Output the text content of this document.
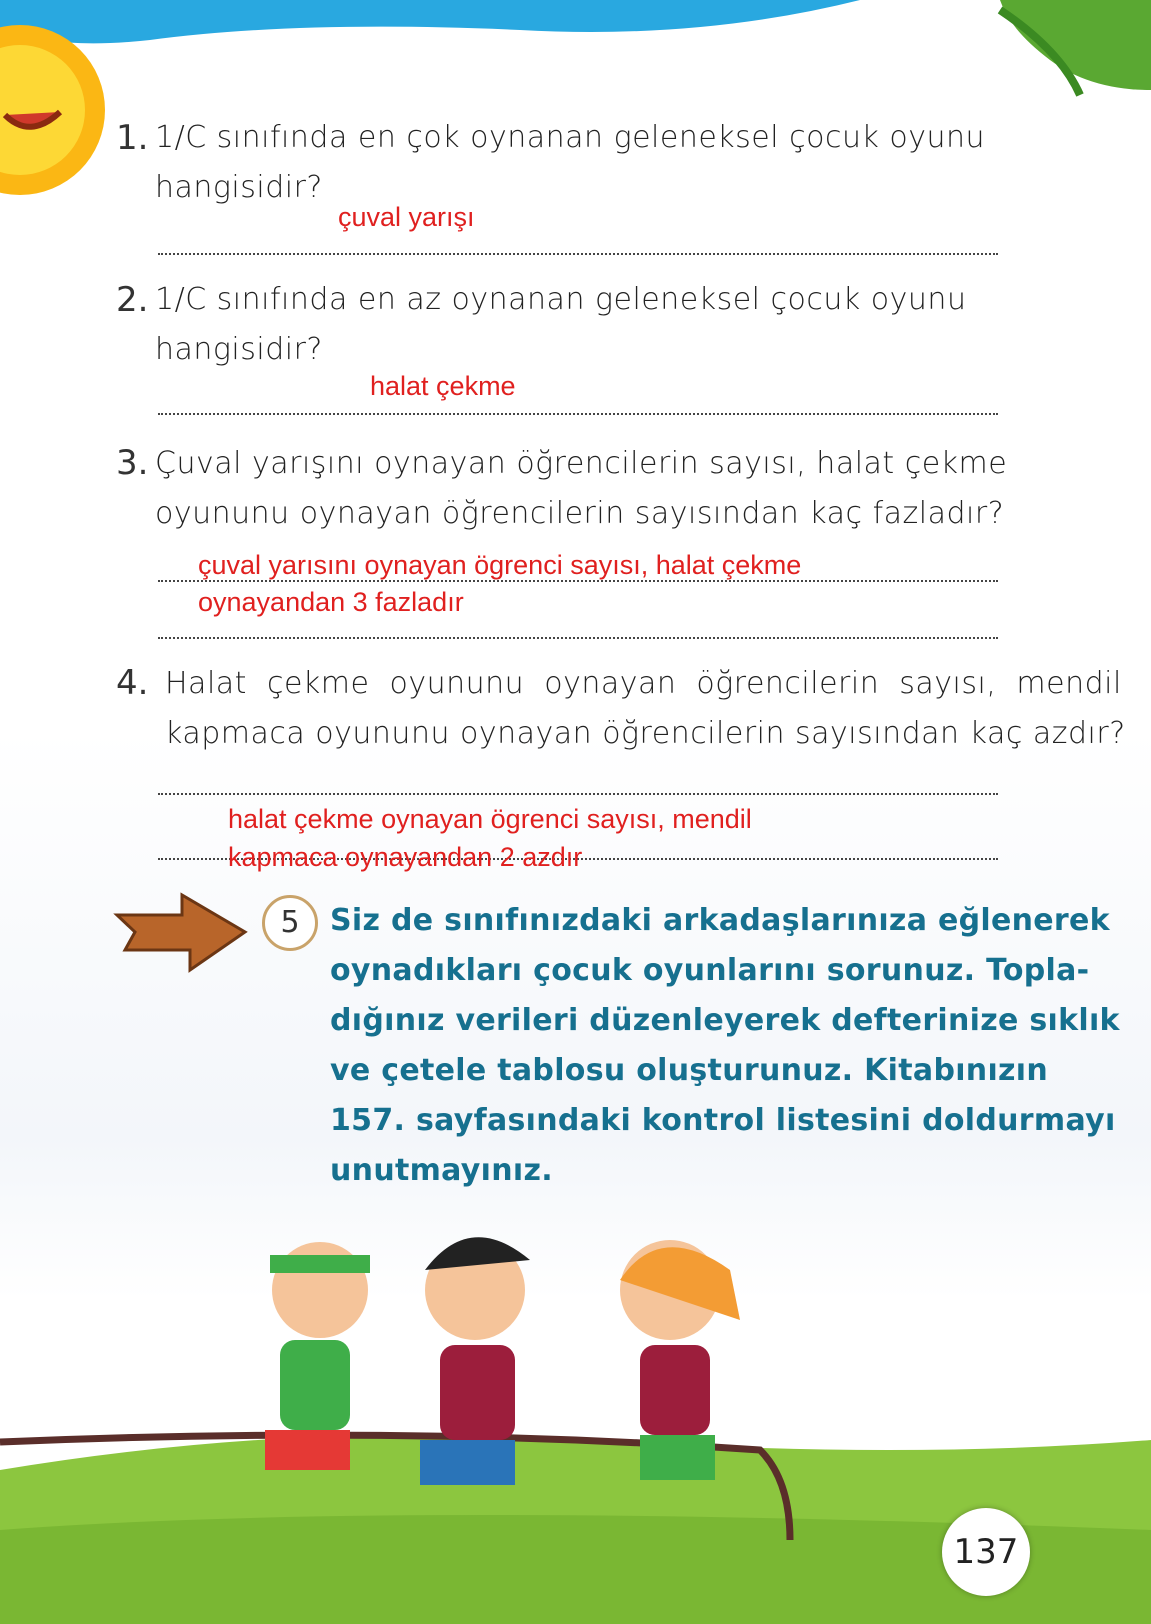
1. 1/C sınıfında en çok oynanan geleneksel çocuk oyunu
hangisidir?
çuval yarışı
2. 1/C sınıfında en az oynanan geleneksel çocuk oyunu
hangisidir?
halat çekme
3. Çuval yarışını oynayan öğrencilerin sayısı, halat çekme
oyununu oynayan öğrencilerin sayısından kaç fazladır?
çuval yarısını oynayan ögrenci sayısı, halat çekme
oynayandan 3 fazladır
4. Halat çekme oyununu oynayan öğrencilerin sayısı, mendil
kapmaca oyununu oynayan öğrencilerin sayısından kaç azdır?
halat çekme oynayan ögrenci sayısı, mendil
kapmaca oynayandan 2 azdır
5	Siz de sınıfınızdaki arkadaşlarınıza eğlenerek
oynadıkları çocuk oyunlarını sorunuz. Topla-
dığınız verileri düzenleyerek defterinize sıklık
ve çetele tablosu oluşturunuz. Kitabınızın
157. sayfasındaki kontrol listesini doldurmayı
unutmayınız.
137
